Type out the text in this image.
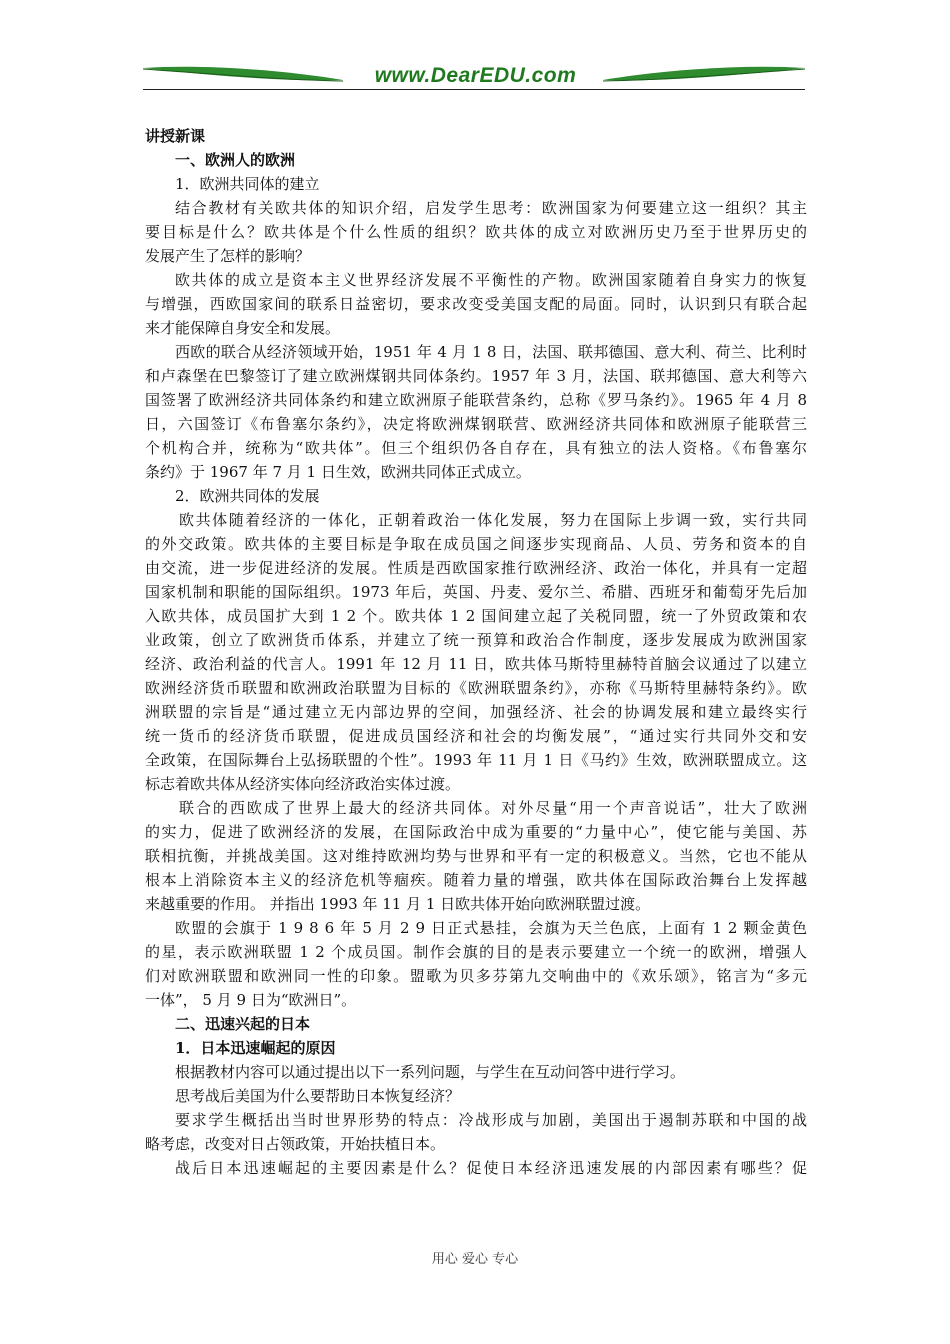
www.DearEDU.com
讲授新课
一、欧洲人的欧洲
1．欧洲共同体的建立
结合教材有关欧共体的知识介绍，启发学生思考：欧洲国家为何要建立这一组织？其主
要目标是什么？欧共体是个什么性质的组织？欧共体的成立对欧洲历史乃至于世界历史的
发展产生了怎样的影响？
欧共体的成立是资本主义世界经济发展不平衡性的产物。欧洲国家随着自身实力的恢复
与增强，西欧国家间的联系日益密切，要求改变受美国支配的局面。同时，认识到只有联合起
来才能保障自身安全和发展。
西欧的联合从经济领域开始，1951 年 4 月 1 8 日，法国、联邦德国、意大利、荷兰、比利时
和卢森堡在巴黎签订了建立欧洲煤钢共同体条约。1957 年 3 月，法国、联邦德国、意大利等六
国签署了欧洲经济共同体条约和建立欧洲原子能联营条约，总称《罗马条约》。1965 年 4 月 8
日，六国签订《布鲁塞尔条约》，决定将欧洲煤钢联营、欧洲经济共同体和欧洲原子能联营三
个机构合并，统称为“欧共体”。但三个组织仍各自存在，具有独立的法人资格。《布鲁塞尔
条约》于 1967 年 7 月 1 日生效，欧洲共同体正式成立。
2．欧洲共同体的发展
欧共体随着经济的一体化，正朝着政治一体化发展，努力在国际上步调一致，实行共同
的外交政策。欧共体的主要目标是争取在成员国之间逐步实现商品、人员、劳务和资本的自
由交流，进一步促进经济的发展。性质是西欧国家推行欧洲经济、政治一体化，并具有一定超
国家机制和职能的国际组织。1973 年后，英国、丹麦、爱尔兰、希腊、西班牙和葡萄牙先后加
入欧共体，成员国扩大到 1 2 个。欧共体 1 2 国间建立起了关税同盟，统一了外贸政策和农
业政策，创立了欧洲货币体系，并建立了统一预算和政治合作制度，逐步发展成为欧洲国家
经济、政治利益的代言人。1991 年 12 月 11 日，欧共体马斯特里赫特首脑会议通过了以建立
欧洲经济货币联盟和欧洲政治联盟为目标的《欧洲联盟条约》，亦称《马斯特里赫特条约》。欧
洲联盟的宗旨是“通过建立无内部边界的空间，加强经济、社会的协调发展和建立最终实行
统一货币的经济货币联盟，促进成员国经济和社会的均衡发展”，“通过实行共同外交和安
全政策，在国际舞台上弘扬联盟的个性”。1993 年 11 月 1 日《马约》生效，欧洲联盟成立。这
标志着欧共体从经济实体向经济政治实体过渡。
联合的西欧成了世界上最大的经济共同体。对外尽量“用一个声音说话”，壮大了欧洲
的实力，促进了欧洲经济的发展，在国际政治中成为重要的“力量中心”，使它能与美国、苏
联相抗衡，并挑战美国。这对维持欧洲均势与世界和平有一定的积极意义。当然，它也不能从
根本上消除资本主义的经济危机等痼疾。随着力量的增强，欧共体在国际政治舞台上发挥越
来越重要的作用。 并指出 1993 年 11 月 1 日欧共体开始向欧洲联盟过渡。
欧盟的会旗于 1 9 8 6 年 5 月 2 9 日正式悬挂，会旗为天兰色底，上面有 1 2 颗金黄色
的星，表示欧洲联盟 1 2 个成员国。制作会旗的目的是表示要建立一个统一的欧洲，增强人
们对欧洲联盟和欧洲同一性的印象。盟歌为贝多芬第九交响曲中的《欢乐颂》，铭言为“多元
一体”， 5 月 9 日为“欧洲日”。
二、迅速兴起的日本
1．日本迅速崛起的原因
根据教材内容可以通过提出以下一系列问题，与学生在互动问答中进行学习。
思考战后美国为什么要帮助日本恢复经济？
要求学生概括出当时世界形势的特点：冷战形成与加剧，美国出于遏制苏联和中国的战
略考虑，改变对日占领政策，开始扶植日本。
战后日本迅速崛起的主要因素是什么？促使日本经济迅速发展的内部因素有哪些？促
用心 爱心 专心
